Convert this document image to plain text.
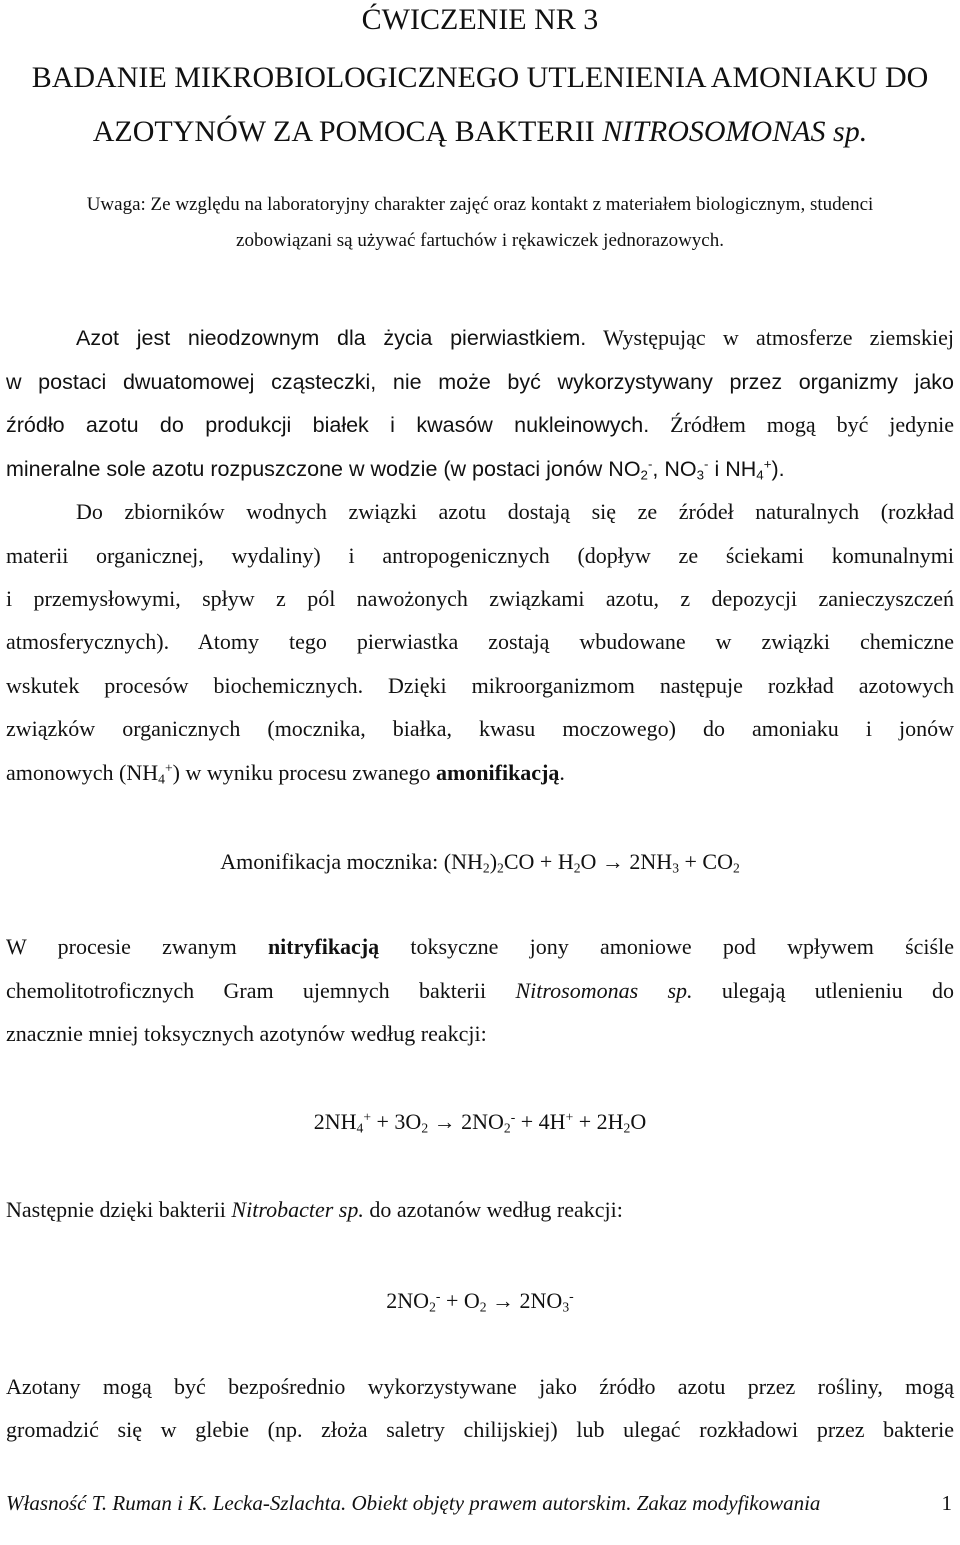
ĆWICZENIE NR 3
BADANIE MIKROBIOLOGICZNEGO UTLENIENIA AMONIAKU DO
AZOTYNÓW ZA POMOCĄ BAKTERII NITROSOMONAS sp.
Uwaga: Ze względu na laboratoryjny charakter zajęć oraz kontakt z materiałem biologicznym, studenci
zobowiązani są używać fartuchów i rękawiczek jednorazowych.
Azot jest nieodzownym dla życia pierwiastkiem. Występując w atmosferze ziemskiej
w postaci dwuatomowej cząsteczki, nie może być wykorzystywany przez organizmy jako
źródło azotu do produkcji białek i kwasów nukleinowych. Źródłem mogą być jedynie
mineralne sole azotu rozpuszczone w wodzie (w postaci jonów $NO_2^-$, $NO_3^-$ i $NH_4^+$).
Do zbiorników wodnych związki azotu dostają się ze źródeł naturalnych (rozkład
materii organicznej, wydaliny) i antropogenicznych (dopływ ze ściekami komunalnymi
i przemysłowymi, spływ z pól nawożonych związkami azotu, z depozycji zanieczyszczeń
atmosferycznych). Atomy tego pierwiastka zostają wbudowane w związki chemiczne
wskutek procesów biochemicznych. Dzięki mikroorganizmom następuje rozkład azotowych
związków organicznych (mocznika, białka, kwasu moczowego) do amoniaku i jonów
amonowych $(NH_4^+)$ w wyniku procesu zwanego amonifikacją.
Amonifikacja mocznika: $(NH_2)_2CO + H_2O \to 2NH_3 + CO_2$
W procesie zwanym nitryfikacją toksyczne jony amoniowe pod wpływem ściśle
chemolitotroficznych Gram ujemnych bakterii Nitrosomonas sp. ulegają utlenieniu do
znacznie mniej toksycznych azotynów według reakcji:
$2NH_4^+ + 3O_2 \to 2NO_2^- + 4H^+ + 2H_2O$
Następnie dzięki bakterii Nitrobacter sp. do azotanów według reakcji:
$2NO_2^- + O_2 \to 2NO_3^-$
Azotany mogą być bezpośrednio wykorzystywane jako źródło azotu przez rośliny, mogą
gromadzić się w glebie (np. złoża saletry chilijskiej) lub ulegać rozkładowi przez bakterie
Własność T. Ruman i K. Lecka-Szlachta. Obiekt objęty prawem autorskim. Zakaz modyfikowania	1
